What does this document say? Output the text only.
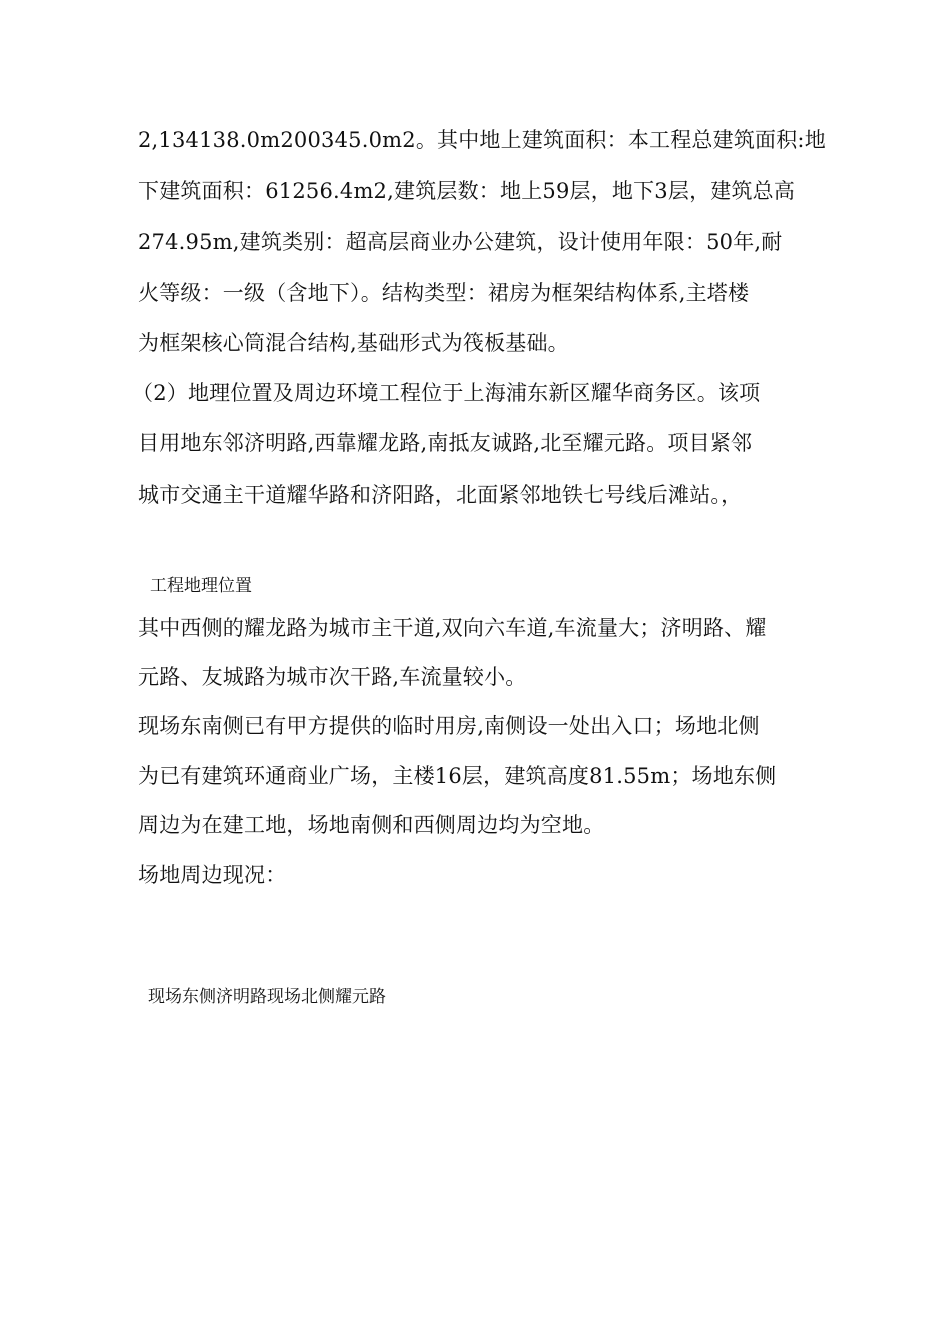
2,134138.0m200345.0m2。其中地上建筑面积：本工程总建筑面积:地
下建筑面积：61256.4m2,建筑层数：地上59层，地下3层，建筑总高
274.95m,建筑类别：超高层商业办公建筑，设计使用年限：50年,耐
火等级：一级（含地下）。结构类型：裙房为框架结构体系,主塔楼
为框架核心筒混合结构,基础形式为筏板基础。
（2）地理位置及周边环境工程位于上海浦东新区耀华商务区。该项
目用地东邻济明路,西靠耀龙路,南抵友诚路,北至耀元路。项目紧邻
城市交通主干道耀华路和济阳路，北面紧邻地铁七号线后滩站。，
工程地理位置
其中西侧的耀龙路为城市主干道,双向六车道,车流量大；济明路、耀
元路、友城路为城市次干路,车流量较小。
现场东南侧已有甲方提供的临时用房,南侧设一处出入口；场地北侧
为已有建筑环通商业广场，主楼16层，建筑高度81.55m；场地东侧
周边为在建工地，场地南侧和西侧周边均为空地。
场地周边现况：
现场东侧济明路现场北侧耀元路
